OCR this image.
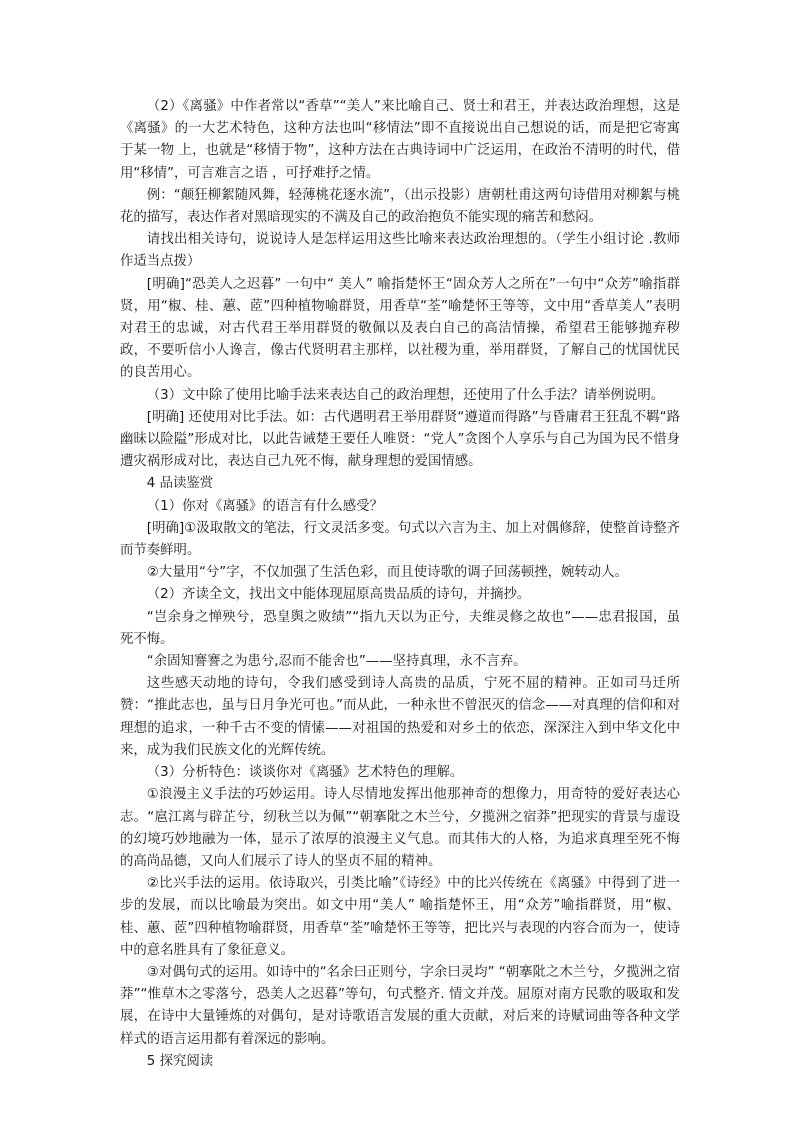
（2）《离骚》中作者常以“香草”“美人”来比喻自己、贤士和君王，并表达政治理想，这是《离骚》的一大艺术特色，这种方法也叫“移情法”即不直接说出自己想说的话，而是把它寄寓于某一物 上，也就是“移情于物”，这种方法在古典诗词中广泛运用，在政治不清明的时代，借用“移情”，可言难言之语 ，可抒难抒之情。

例：“颠狂柳絮随风舞，轻薄桃花逐水流”，（出示投影）唐朝杜甫这两句诗借用对柳絮与桃花的描写，表达作者对黑暗现实的不满及自己的政治抱负不能实现的痛苦和愁闷。

请找出相关诗句，说说诗人是怎样运用这些比喻来表达政治理想的。（学生小组讨论 .教师作适当点拨）

[明确]“恐美人之迟暮” 一句中“ 美人” 喻指楚怀王“固众芳人之所在”一句中“众芳”喻指群贤，用“椒、桂、蕙、茝”四种植物喻群贤，用香草“荃”喻楚怀王等等，文中用“香草美人”表明对君王的忠诚，对古代君王举用群贤的敬佩以及表白自己的高洁情操，希望君王能够抛弃秽政，不要听信小人谗言，像古代贤明君主那样，以社稷为重，举用群贤，了解自己的忧国忧民的良苦用心。

（3）文中除了使用比喻手法来表达自己的政治理想，还使用了什么手法？请举例说明。

[明确] 还使用对比手法。如：古代遇明君王举用群贤“遵道而得路”与昏庸君王狂乱不羁“路幽昧以险隘”形成对比，以此告诫楚王要任人唯贤：“党人”贪图个人享乐与自己为国为民不惜身遭灾祸形成对比，表达自己九死不悔，献身理想的爱国情感。

4 品读鉴赏

（1）你对《离骚》的语言有什么感受？

[明确]①汲取散文的笔法，行文灵活多变。句式以六言为主、加上对偶修辞，使整首诗整齐而节奏鲜明。

②大量用“兮”字，不仅加强了生活色彩，而且使诗歌的调子回荡顿挫，婉转动人。

（2）齐读全文，找出文中能体现屈原高贵品质的诗句，并摘抄。

“岂余身之惮殃兮，恐皇舆之败绩”“指九天以为正兮，夫维灵修之故也”——忠君报国，虽死不悔。

“余固知謇謇之为患兮,忍而不能舍也”——坚持真理，永不言弃。

这些感天动地的诗句，令我们感受到诗人高贵的品质，宁死不屈的精神。正如司马迁所赞：“推此志也，虽与日月争光可也。”而从此，一种永世不曾泯灭的信念——对真理的信仰和对理想的追求，一种千古不变的情愫——对祖国的热爱和对乡土的依恋，深深注入到中华文化中来，成为我们民族文化的光辉传统。

（3）分析特色：谈谈你对《离骚》艺术特色的理解。

①浪漫主义手法的巧妙运用。诗人尽情地发挥出他那神奇的想像力，用奇特的爱好表达心志。“扈江离与辟芷兮，纫秋兰以为佩”“朝搴阰之木兰兮，夕揽洲之宿莽”把现实的背景与虚设的幻境巧妙地融为一体，显示了浓厚的浪漫主义气息。而其伟大的人格，为追求真理至死不悔的高尚品德，又向人们展示了诗人的坚贞不屈的精神。

②比兴手法的运用。依诗取兴，引类比喻”《诗经》中的比兴传统在《离骚》中得到了进一步的发展，而以比喻最为突出。如文中用“美人” 喻指楚怀王，用“众芳”喻指群贤，用“椒、桂、蕙、茝”四种植物喻群贤，用香草“荃”喻楚怀王等等，把比兴与表现的内容合而为一，使诗中的意名胜具有了象征意义。

③对偶句式的运用。如诗中的“名余曰正则兮，字余曰灵均” “朝搴阰之木兰兮，夕揽洲之宿莽”“惟草木之零落兮，恐美人之迟暮”等句，句式整齐. 情文并茂。屈原对南方民歌的吸取和发展，在诗中大量锤炼的对偶句，是对诗歌语言发展的重大贡献，对后来的诗赋词曲等各种文学样式的语言运用都有着深远的影响。

5 探究阅读
